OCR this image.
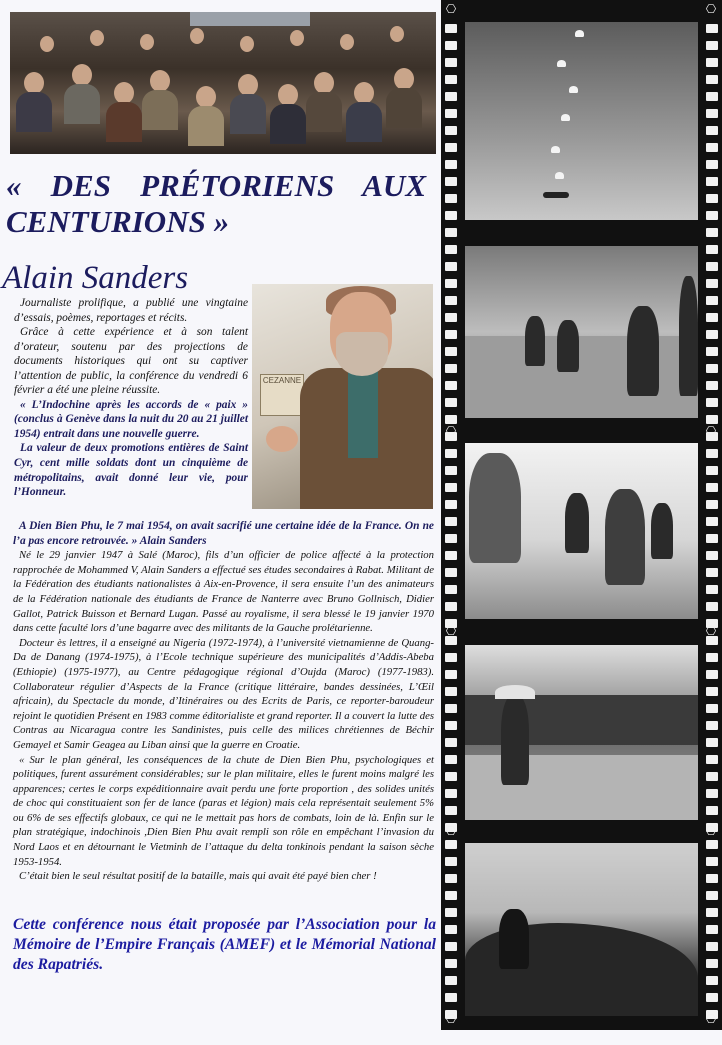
« DES PRÉTORIENS AUX
CENTURIONS »
Alain Sanders
CEZANNE

Journaliste prolifique, a publié une vingtaine d’essais, poèmes, reportages et récits.

Grâce à cette expérience et à son talent d’orateur, soutenu par des projections de documents historiques qui ont su captiver l’attention de public, la conférence du vendredi 6 février a été une pleine réussite.

« L’Indochine après les accords de « paix » (conclus à Genève dans la nuit du 20 au 21 juillet 1954) entrait dans une nouvelle guerre.

La valeur de deux promotions entières de Saint Cyr, cent mille soldats dont un cinquième de métropolitains, avait donné leur vie, pour l’Honneur.

A Dien Bien Phu, le 7 mai 1954, on avait sacrifié une certaine idée de la France. On ne l’a pas encore retrouvée. » Alain Sanders

Né le 29 janvier 1947 à Salé (Maroc), fils d’un officier de police affecté à la protection rapprochée de Mohammed V, Alain Sanders a effectué ses études secondaires à Rabat. Militant de la Fédération des étudiants nationalistes à Aix-en-Provence, il sera ensuite l’un des animateurs de la Fédération nationale des étudiants de France de Nanterre avec Bruno Gollnisch, Didier Gallot, Patrick Buisson et Bernard Lugan. Passé au royalisme, il sera blessé le 19 janvier 1970 dans cette faculté lors d’une bagarre avec des militants de la Gauche prolétarienne.

Docteur ès lettres, il a enseigné au Nigeria (1972-1974), à l’université vietnamienne de Quang-Da de Danang (1974-1975), à l’Ecole technique supérieure des municipalités d’Addis-Abeba (Ethiopie) (1975-1977), au Centre pédagogique régional d’Oujda (Maroc) (1977-1983). Collaborateur régulier d’Aspects de la France (critique littéraire, bandes dessinées, L’Œil africain), du Spectacle du monde, d’Itinéraires ou des Ecrits de Paris, ce reporter-baroudeur rejoint le quotidien Présent en 1983 comme éditorialiste et grand reporter. Il a couvert la lutte des Contras au Nicaragua contre les Sandinistes, puis celle des milices chrétiennes de Béchir Gemayel et Samir Geagea au Liban ainsi que la guerre en Croatie.

« Sur le plan général, les conséquences de la chute de Dien Bien Phu, psychologiques et politiques, furent assurément considérables; sur le plan militaire, elles le furent moins malgré les apparences; certes le corps expéditionnaire avait perdu une forte proportion , des solides unités de choc qui constituaient son fer de lance (paras et légion) mais cela représentait seulement 5% ou 6% de ses effectifs globaux, ce qui ne le mettait pas hors de combats, loin de là. Enfin sur le plan stratégique, indochinois ,Dien Bien Phu avait rempli son rôle en empêchant l’invasion du Nord Laos et en détournant le Vietminh de l’attaque du delta tonkinois pendant la saison sèche 1953-1954.

C’était bien le seul résultat positif de la bataille, mais qui avait été payé bien cher !

Cette conférence nous était proposée par l’Association pour la Mémoire de l’Empire Français (AMEF) et le Mémorial National des Rapatriés.
⎔	⎔
⎔	⎔
⎔	⎔
⎔	⎔
⎔	⎔
⎔	⎔
